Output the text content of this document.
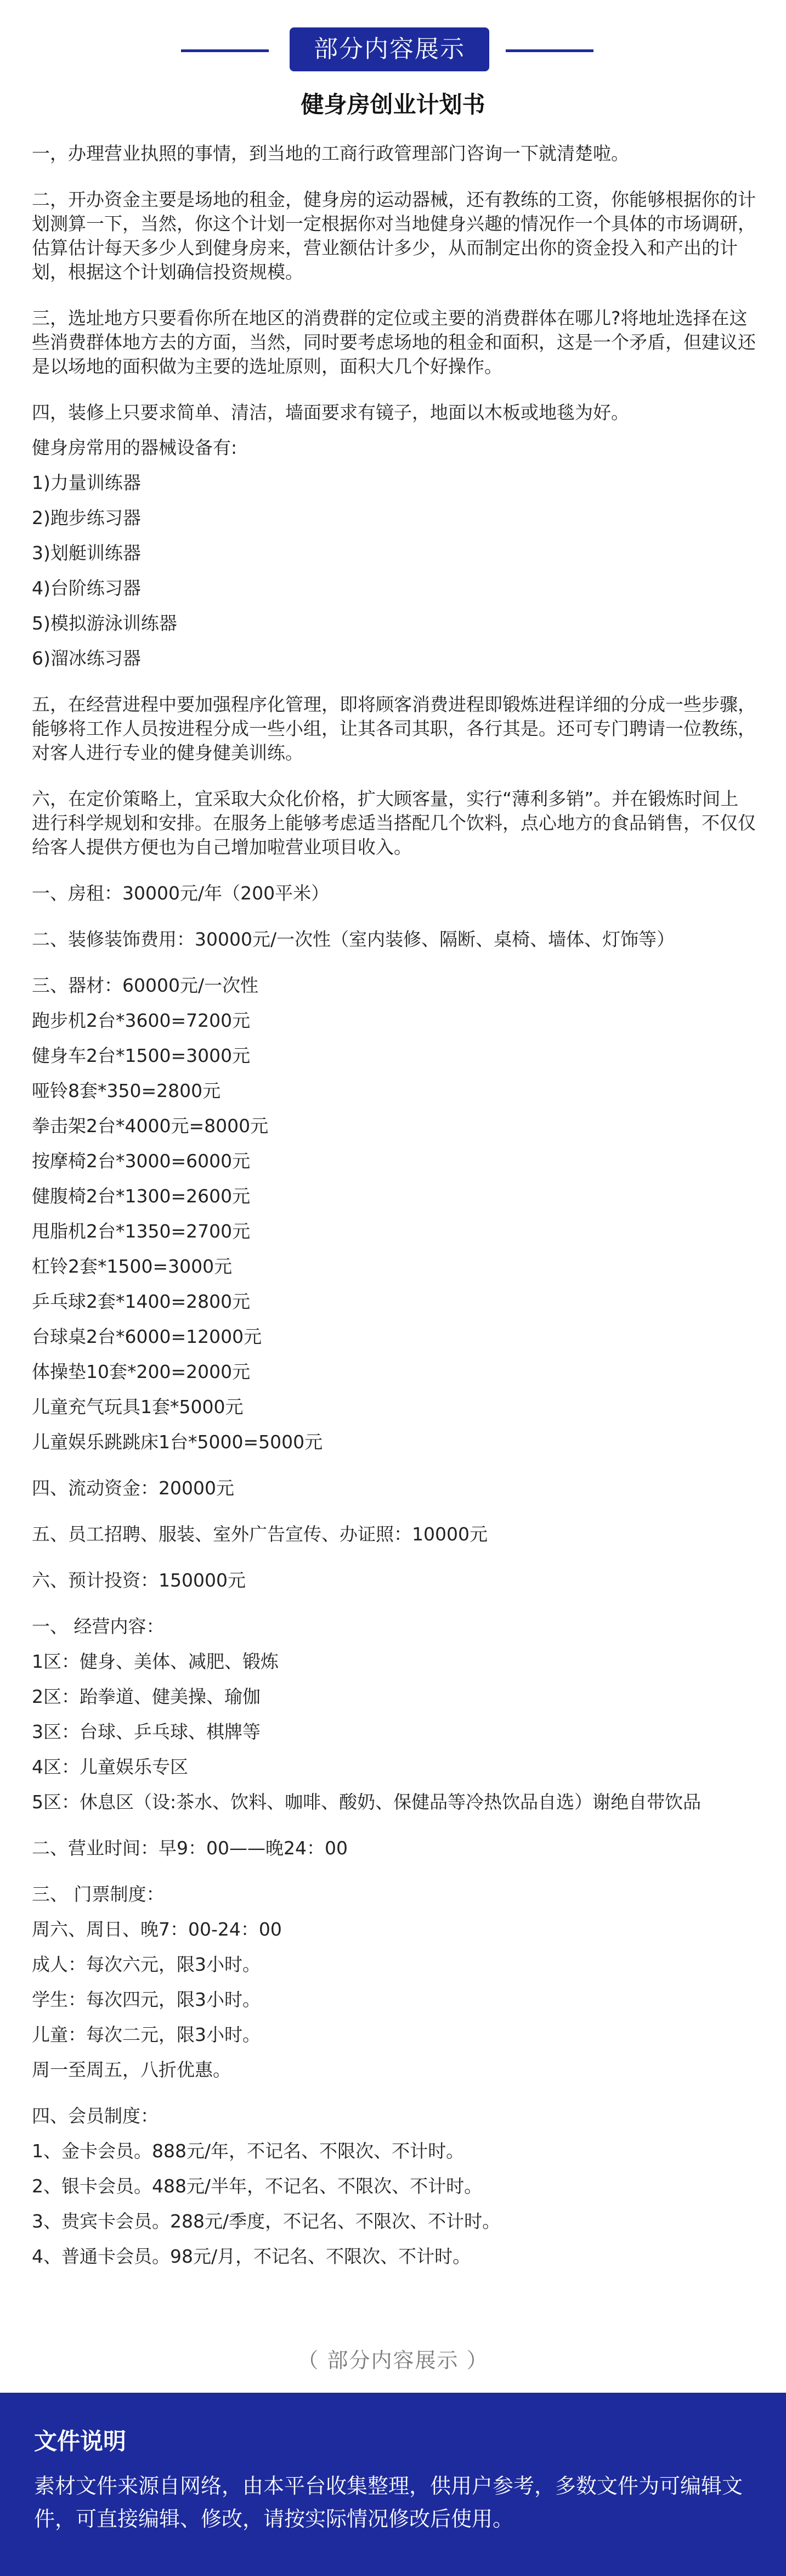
部分内容展示
健身房创业计划书

一，办理营业执照的事情，到当地的工商行政管理部门咨询一下就清楚啦。

二，开办资金主要是场地的租金，健身房的运动器械，还有教练的工资，你能够根据你的计划测算一下，当然，你这个计划一定根据你对当地健身兴趣的情况作一个具体的市场调研，估算估计每天多少人到健身房来，营业额估计多少，从而制定出你的资金投入和产出的计划，根据这个计划确信投资规模。

三，选址地方只要看你所在地区的消费群的定位或主要的消费群体在哪儿?将地址选择在这些消费群体地方去的方面，当然，同时要考虑场地的租金和面积，这是一个矛盾，但建议还是以场地的面积做为主要的选址原则，面积大几个好操作。

四，装修上只要求简单、清洁，墙面要求有镜子，地面以木板或地毯为好。

健身房常用的器械设备有:

1)力量训练器

2)跑步练习器

3)划艇训练器

4)台阶练习器

5)模拟游泳训练器

6)溜冰练习器

五，在经营进程中要加强程序化管理，即将顾客消费进程即锻炼进程详细的分成一些步骤，能够将工作人员按进程分成一些小组，让其各司其职，各行其是。还可专门聘请一位教练，对客人进行专业的健身健美训练。

六，在定价策略上，宜采取大众化价格，扩大顾客量，实行“薄利多销”。并在锻炼时间上进行科学规划和安排。在服务上能够考虑适当搭配几个饮料，点心地方的食品销售，不仅仅给客人提供方便也为自己增加啦营业项目收入。

一、房租：30000元/年（200平米）

二、装修装饰费用：30000元/一次性（室内装修、隔断、桌椅、墙体、灯饰等）

三、器材：60000元/一次性

跑步机2台*3600=7200元

健身车2台*1500=3000元

哑铃8套*350=2800元

拳击架2台*4000元=8000元

按摩椅2台*3000=6000元

健腹椅2台*1300=2600元

甩脂机2台*1350=2700元

杠铃2套*1500=3000元

乒乓球2套*1400=2800元

台球桌2台*6000=12000元

体操垫10套*200=2000元

儿童充气玩具1套*5000元

儿童娱乐跳跳床1台*5000=5000元

四、流动资金：20000元

五、员工招聘、服装、室外广告宣传、办证照：10000元

六、预计投资：150000元

一、 经营内容：

1区：健身、美体、减肥、锻炼

2区：跆拳道、健美操、瑜伽

3区：台球、乒乓球、棋牌等

4区：儿童娱乐专区

5区：休息区（设:茶水、饮料、咖啡、酸奶、保健品等冷热饮品自选）谢绝自带饮品

二、营业时间：早9：00——晚24：00

三、 门票制度：

周六、周日、晚7：00-24：00

成人：每次六元，限3小时。

学生：每次四元，限3小时。

儿童：每次二元，限3小时。

周一至周五，八折优惠。

四、会员制度：

1、金卡会员。888元/年，不记名、不限次、不计时。

2、银卡会员。488元/半年，不记名、不限次、不计时。

3、贵宾卡会员。288元/季度，不记名、不限次、不计时。

4、普通卡会员。98元/月，不记名、不限次、不计时。

（ 部分内容展示 ）
文件说明
素材文件来源自网络，由本平台收集整理，供用户参考，多数文件为可编辑文件，可直接编辑、修改，请按实际情况修改后使用。
